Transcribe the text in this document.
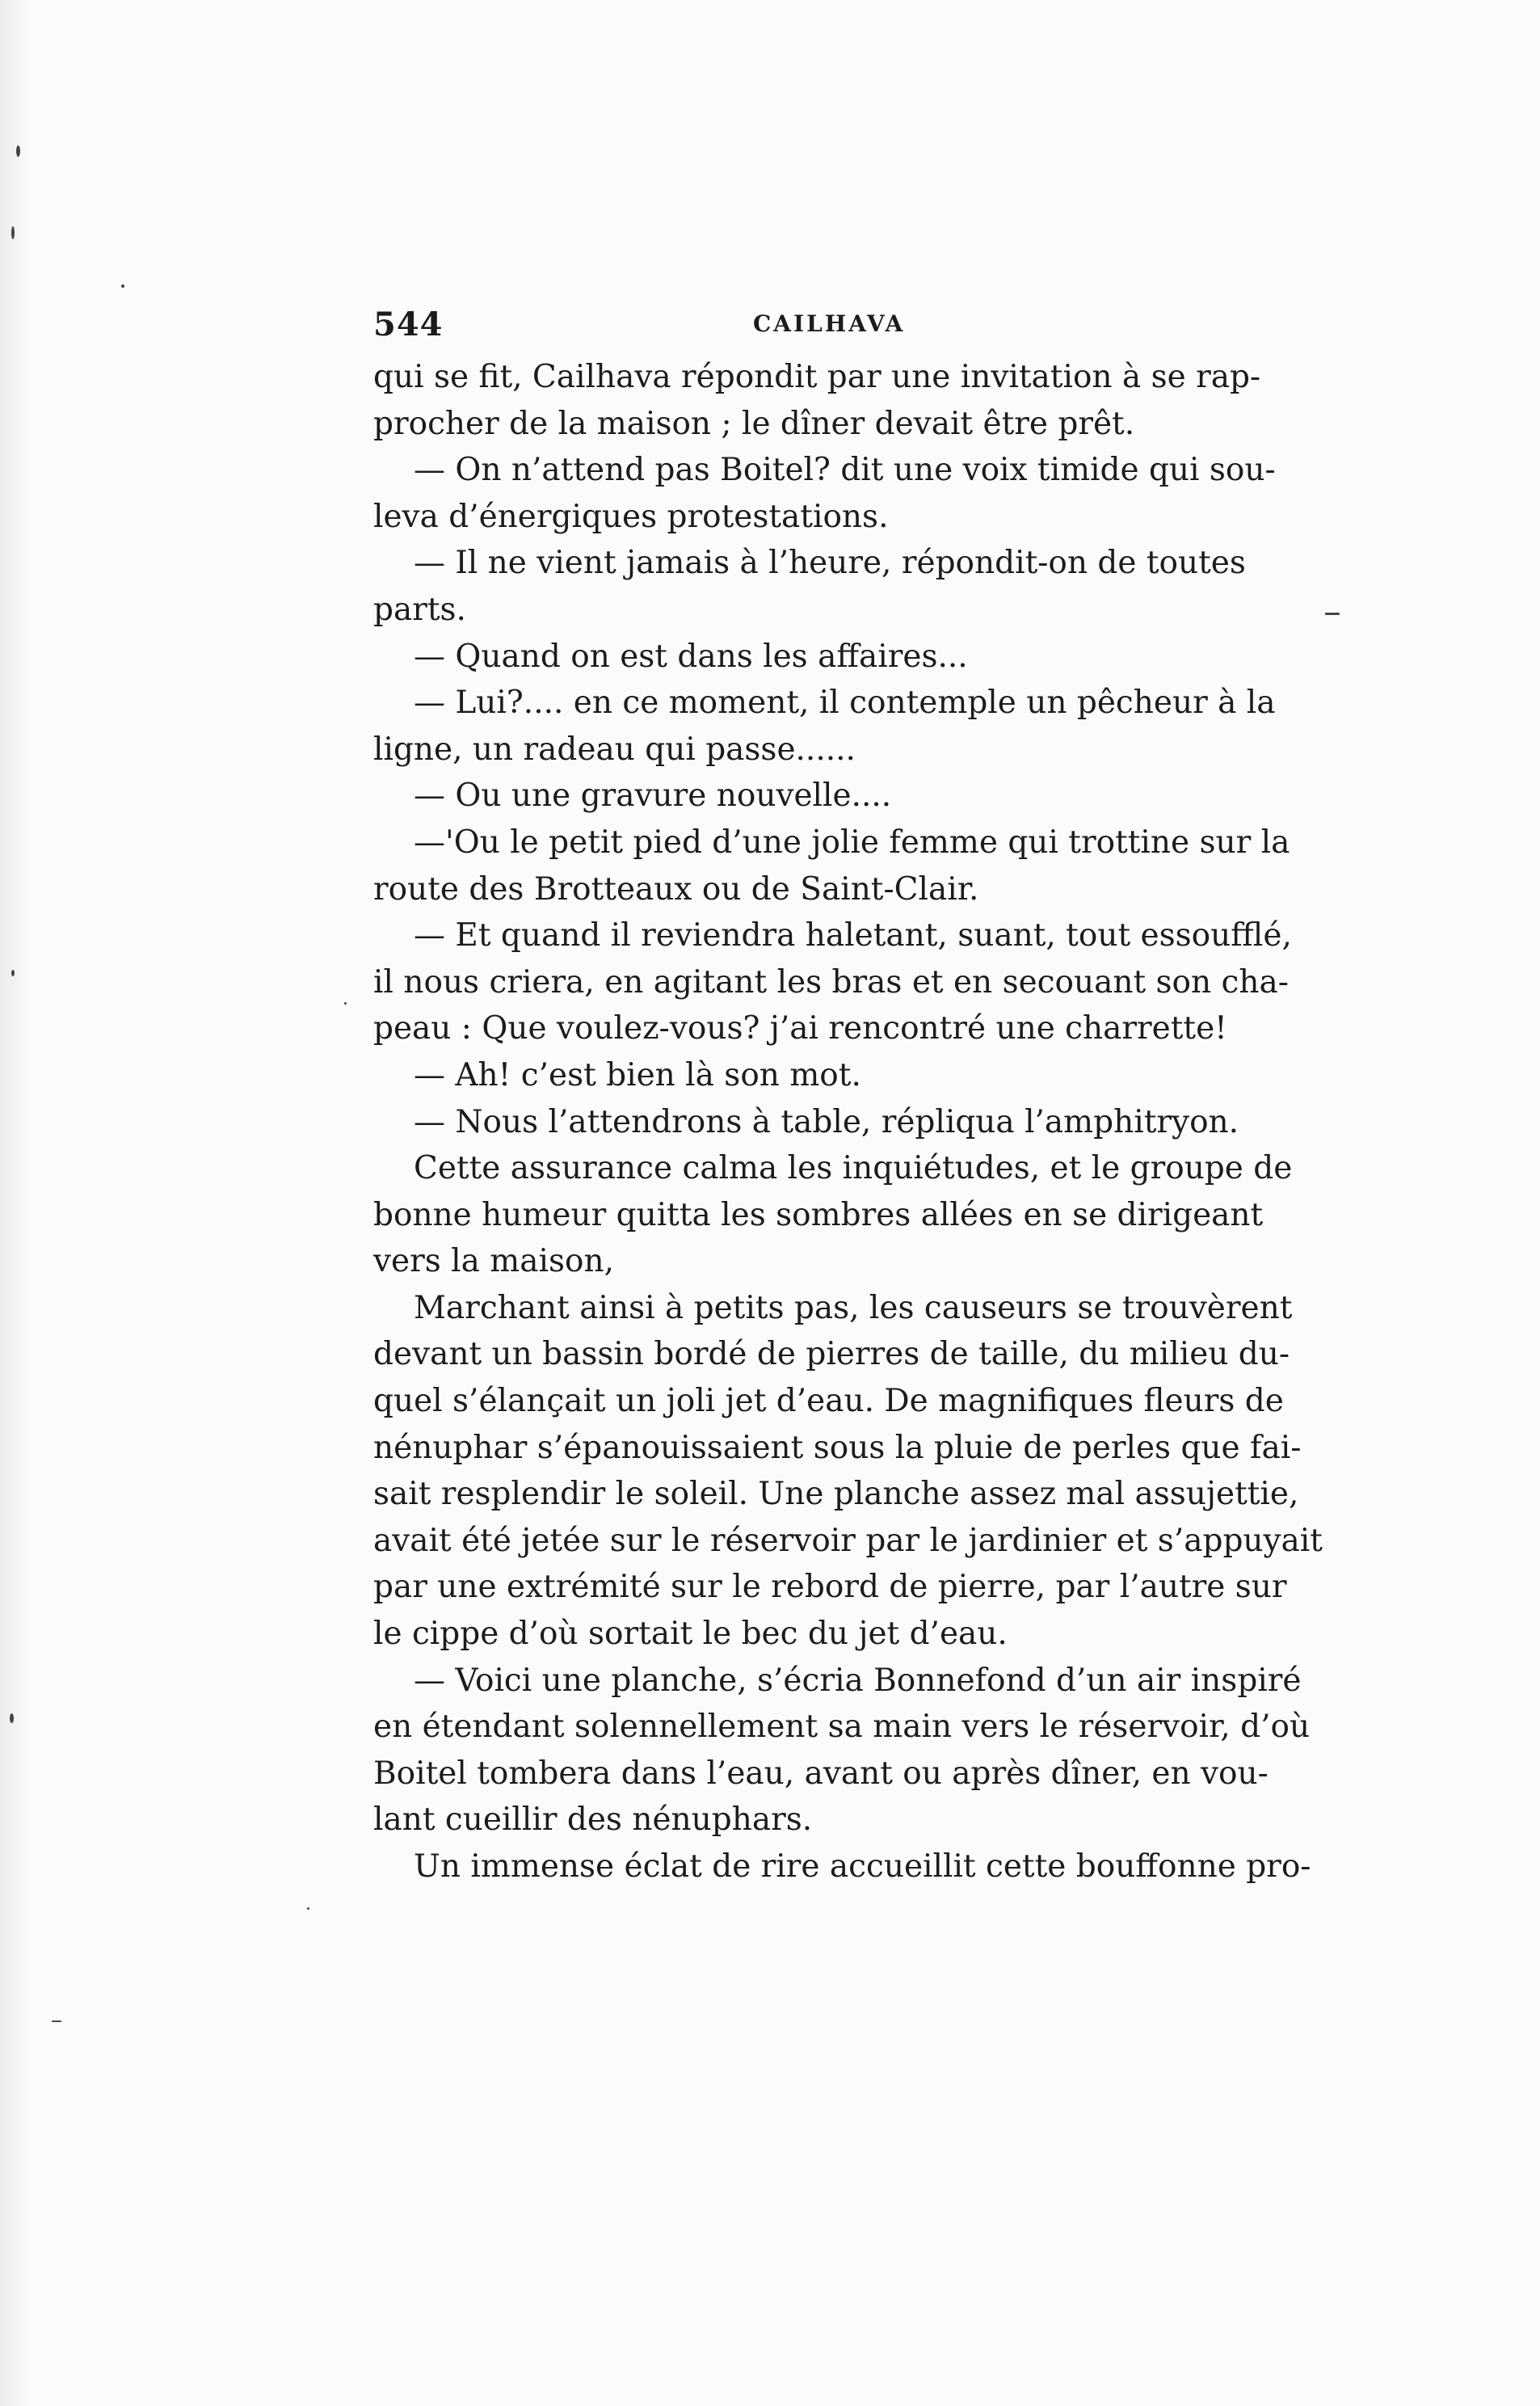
544	CAILHAVA
qui se fit, Cailhava répondit par une invitation à se rap-
procher de la maison ; le dîner devait être prêt.
— On n’attend pas Boitel? dit une voix timide qui sou-
leva d’énergiques protestations.
— Il ne vient jamais à l’heure, répondit-on de toutes
parts.
— Quand on est dans les affaires...
— Lui?.... en ce moment, il contemple un pêcheur à la
ligne, un radeau qui passe......
— Ou une gravure nouvelle....
—'Ou le petit pied d’une jolie femme qui trottine sur la
route des Brotteaux ou de Saint-Clair.
— Et quand il reviendra haletant, suant, tout essoufflé,
il nous criera, en agitant les bras et en secouant son cha-
peau : Que voulez-vous? j’ai rencontré une charrette!
— Ah! c’est bien là son mot.
— Nous l’attendrons à table, répliqua l’amphitryon.
Cette assurance calma les inquiétudes, et le groupe de
bonne humeur quitta les sombres allées en se dirigeant
vers la maison,
Marchant ainsi à petits pas, les causeurs se trouvèrent
devant un bassin bordé de pierres de taille, du milieu du-
quel s’élançait un joli jet d’eau. De magnifiques fleurs de
nénuphar s’épanouissaient sous la pluie de perles que fai-
sait resplendir le soleil. Une planche assez mal assujettie,
avait été jetée sur le réservoir par le jardinier et s’appuyait
par une extrémité sur le rebord de pierre, par l’autre sur
le cippe d’où sortait le bec du jet d’eau.
— Voici une planche, s’écria Bonnefond d’un air inspiré
en étendant solennellement sa main vers le réservoir, d’où
Boitel tombera dans l’eau, avant ou après dîner, en vou-
lant cueillir des nénuphars.
Un immense éclat de rire accueillit cette bouffonne pro-
